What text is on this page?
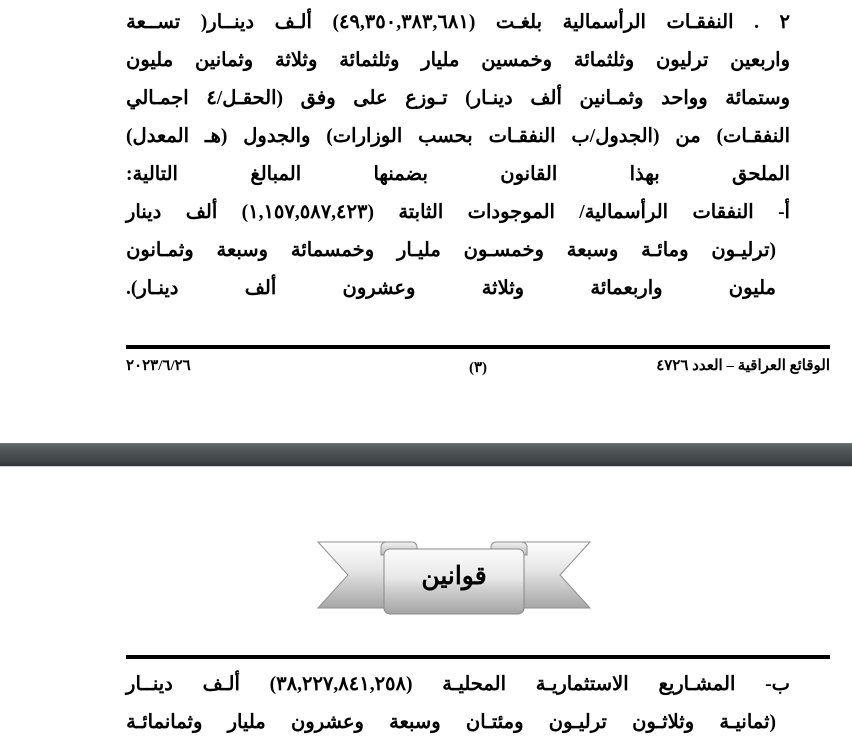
٢
.
النفقـات
الرأسمالية
بلغـت
(٤٩,٣٥٠,٣٨٣,٦٨١)
ألـف
دينــار(
تســعة
واربعين
ترليون
وثلثمائة
وخمسين
مليار
وثلثمائة
وثلاثة
وثمانين
مليون
وستمائة
وواحد
وثمـانين
ألف
دينـار)
تـوزع
على
وفق
(الحقـل/٤
اجمـالي
النفقـات)
من
(الجدول/ب
النفقـات
بحسب
الوزارات)
والجدول
(هـ
المعدل)
الملحق بهذا القانون بضمنها المبالغ التالية:
أ- النفقات الرأسمالية/ الموجودات الثابتة (١,١٥٧,٥٨٧,٤٢٣) ألف دينار
(ترليـون
ومائـة
وسبعة
وخمسـون
مليـار
وخمسمائة
وسبعة
وثمـانون
مليون واربعمائة وثلاثة وعشرون ألف دينـار).
الوقائع العراقية – العدد ٤٧٢٦
(٣)
٢٠٢٣/٦/٢٦
قوانين
ب-
المشـاريع
الاستثماريـة
المحليـة
(٣٨,٢٢٧,٨٤١,٢٥٨)
ألـف
دينــار
(ثمانيـة
وثلاثـون
ترليـون
ومئتـان
وسبعة
وعشرون
مليار
وثمانمائـة
